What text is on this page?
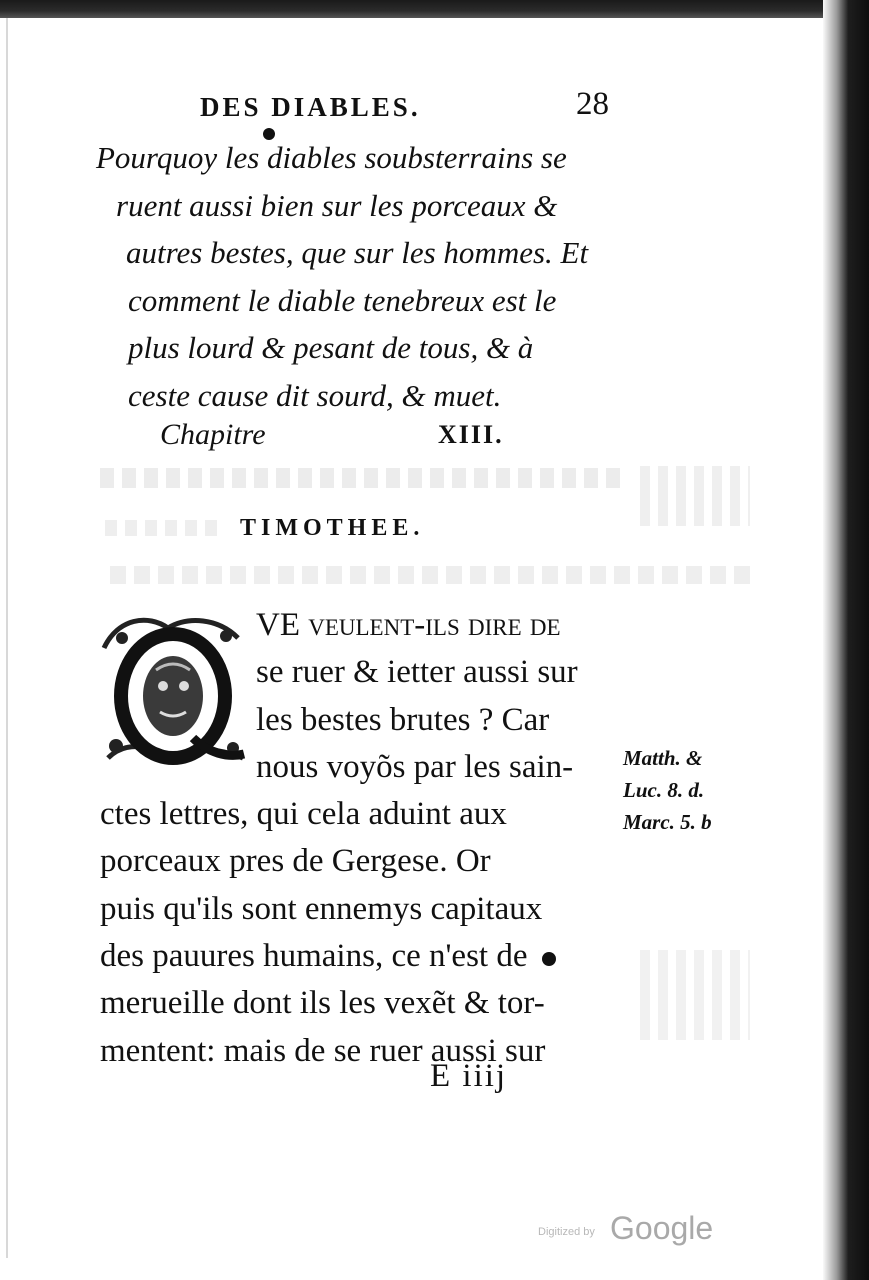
DES DIABLES.	28
Pourquoy les diables soubsterrains se
ruent aussi bien sur les porceaux &
autres bestes, que sur les hommes. Et
comment le diable tenebreux est le
plus lourd & pesant de tous, & à
ceste cause dit sourd, & muet.
Chapitre	XIII.
TIMOTHEE.
VE veulent-ils dire de
se ruer & ietter aussi sur
les bestes brutes ? Car
nous voyõs par les sain-
ctes lettres, qui cela aduint aux
porceaux pres de Gergese. Or
puis qu'ils sont ennemys capitaux
des pauures humains, ce n'est de
merueille dont ils les vexẽt & tor-
mentent: mais de se ruer aussi sur
Matth. &
Luc. 8. d.
Marc. 5. b
E iiij
Digitized by Google
